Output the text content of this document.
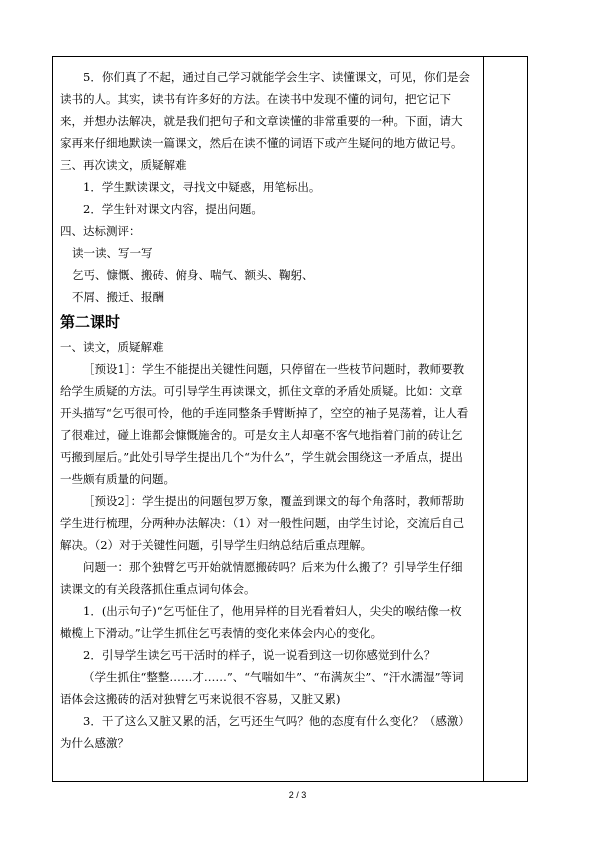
5．你们真了不起，通过自己学习就能学会生字、读懂课文，可见，你们是会读书的人。其实，读书有许多好的方法。在读书中发现不懂的词句，把它记下来，并想办法解决，就是我们把句子和文章读懂的非常重要的一种。下面，请大家再来仔细地默读一篇课文，然后在读不懂的词语下或产生疑问的地方做记号。

三、再次读文，质疑解难

1．学生默读课文，寻找文中疑惑，用笔标出。

2．学生针对课文内容，提出问题。

四、达标测评：

读一读、写一写

乞丐、慷慨、搬砖、俯身、喘气、额头、鞠躬、

不屑、搬迁、报酬

第二课时

一、读文，质疑解难

［预设1］：学生不能提出关键性问题，只停留在一些枝节问题时，教师要教给学生质疑的方法。可引导学生再读课文，抓住文章的矛盾处质疑。比如：文章开头描写“乞丐很可怜，他的手连同整条手臂断掉了，空空的袖子晃荡着，让人看了很难过，碰上谁都会慷慨施舍的。可是女主人却毫不客气地指着门前的砖让乞丐搬到屋后。”此处引导学生提出几个“为什么”，学生就会围绕这一矛盾点，提出一些颇有质量的问题。

［预设2］：学生提出的问题包罗万象，覆盖到课文的每个角落时，教师帮助学生进行梳理，分两种办法解决：（1）对一般性问题，由学生讨论，交流后自己解决。（2）对于关键性问题，引导学生归纳总结后重点理解。

问题一：那个独臂乞丐开始就情愿搬砖吗？后来为什么搬了？引导学生仔细读课文的有关段落抓住重点词句体会。

1．(出示句子)“乞丐怔住了，他用异样的目光看着妇人，尖尖的喉结像一枚橄榄上下滑动。”让学生抓住乞丐表情的变化来体会内心的变化。

2．引导学生读乞丐干活时的样子，说一说看到这一切你感觉到什么？

（学生抓住“整整……才……”、“气喘如牛”、“布满灰尘”、“汗水濡湿”等词语体会这搬砖的活对独臂乞丐来说很不容易，又脏又累)

3．干了这么又脏又累的活，乞丐还生气吗？他的态度有什么变化？（感激）为什么感激？

2 / 3
